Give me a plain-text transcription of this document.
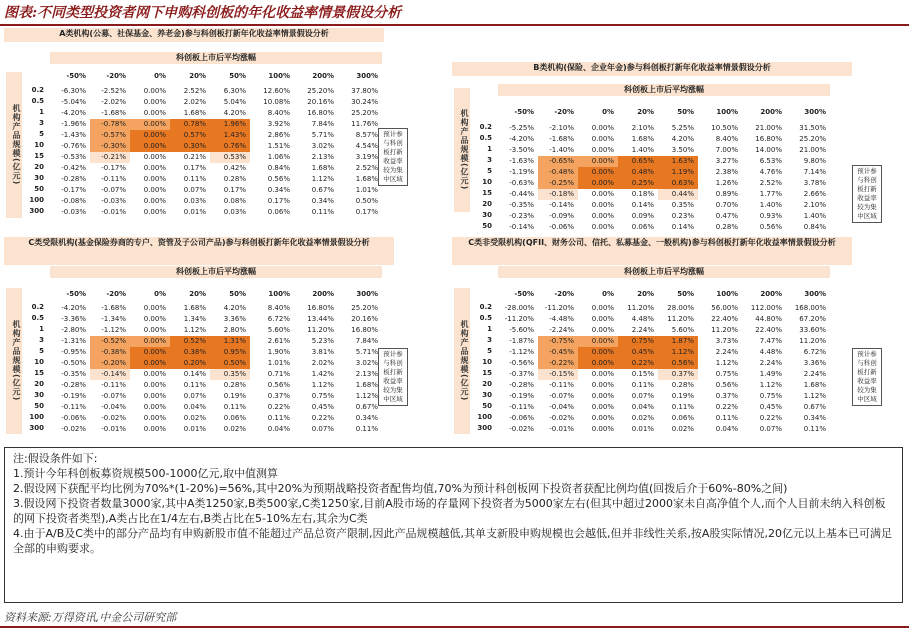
图表:不同类型投资者网下申购科创板的年化收益率情景假设分析
A类机构(公募、社保基金、养老金)参与科创板打新年化收益率情景假设分析
科创板上市后平均涨幅
机构产品规模(亿元)
-50%	-20%	0%	20%	50%	100%	200%	300%
0.2	-6.30%	-2.52%	0.00%	2.52%	6.30%	12.60%	25.20%	37.80%
0.5	-5.04%	-2.02%	0.00%	2.02%	5.04%	10.08%	20.16%	30.24%
1	-4.20%	-1.68%	0.00%	1.68%	4.20%	8.40%	16.80%	25.20%
3	-1.96%	-0.78%	0.00%	0.78%	1.96%	3.92%	7.84%	11.76%
5	-1.43%	-0.57%	0.00%	0.57%	1.43%	2.86%	5.71%	8.57%
10	-0.76%	-0.30%	0.00%	0.30%	0.76%	1.51%	3.02%	4.54%
15	-0.53%	-0.21%	0.00%	0.21%	0.53%	1.06%	2.13%	3.19%
20	-0.42%	-0.17%	0.00%	0.17%	0.42%	0.84%	1.68%	2.52%
30	-0.28%	-0.11%	0.00%	0.11%	0.28%	0.56%	1.12%	1.68%
50	-0.17%	-0.07%	0.00%	0.07%	0.17%	0.34%	0.67%	1.01%
100	-0.08%	-0.03%	0.00%	0.03%	0.08%	0.17%	0.34%	0.50%
300	-0.03%	-0.01%	0.00%	0.01%	0.03%	0.06%	0.11%	0.17%
预计参与科创板打新收益率较为集中区域
B类机构(保险、企业年金)参与科创板打新年化收益率情景假设分析
科创板上市后平均涨幅
机构产品规模(亿元)	-50%	-20%	0%	20%	50%	100%	200%	300%
0.2	-5.25%	-2.10%	0.00%	2.10%	5.25%	10.50%	21.00%	31.50%
0.5	-4.20%	-1.68%	0.00%	1.68%	4.20%	8.40%	16.80%	25.20%
1	-3.50%	-1.40%	0.00%	1.40%	3.50%	7.00%	14.00%	21.00%
3	-1.63%	-0.65%	0.00%	0.65%	1.63%	3.27%	6.53%	9.80%
5	-1.19%	-0.48%	0.00%	0.48%	1.19%	2.38%	4.76%	7.14%
10	-0.63%	-0.25%	0.00%	0.25%	0.63%	1.26%	2.52%	3.78%
15	-0.44%	-0.18%	0.00%	0.18%	0.44%	0.89%	1.77%	2.66%
20	-0.35%	-0.14%	0.00%	0.14%	0.35%	0.70%	1.40%	2.10%
30	-0.23%	-0.09%	0.00%	0.09%	0.23%	0.47%	0.93%	1.40%
50	-0.14%	-0.06%	0.00%	0.06%	0.14%	0.28%	0.56%	0.84%
预计参与科创板打新收益率较为集中区域
C类受限机构(基金保险券商的专户、资管及子公司产品)参与科创板打新年化收益率情景假设分析
科创板上市后平均涨幅
机构产品规模(亿元)
-50%	-20%	0%	20%	50%	100%	200%	300%
0.2	-4.20%	-1.68%	0.00%	1.68%	4.20%	8.40%	16.80%	25.20%
0.5	-3.36%	-1.34%	0.00%	1.34%	3.36%	6.72%	13.44%	20.16%
1	-2.80%	-1.12%	0.00%	1.12%	2.80%	5.60%	11.20%	16.80%
3	-1.31%	-0.52%	0.00%	0.52%	1.31%	2.61%	5.23%	7.84%
5	-0.95%	-0.38%	0.00%	0.38%	0.95%	1.90%	3.81%	5.71%
10	-0.50%	-0.20%	0.00%	0.20%	0.50%	1.01%	2.02%	3.02%
15	-0.35%	-0.14%	0.00%	0.14%	0.35%	0.71%	1.42%	2.13%
20	-0.28%	-0.11%	0.00%	0.11%	0.28%	0.56%	1.12%	1.68%
30	-0.19%	-0.07%	0.00%	0.07%	0.19%	0.37%	0.75%	1.12%
50	-0.11%	-0.04%	0.00%	0.04%	0.11%	0.22%	0.45%	0.67%
100	-0.06%	-0.02%	0.00%	0.02%	0.06%	0.11%	0.22%	0.34%
300	-0.02%	-0.01%	0.00%	0.01%	0.02%	0.04%	0.07%	0.11%
预计参与科创板打新收益率较为集中区域
C类非受限机构(QFII、财务公司、信托、私募基金、一般机构)参与科创板打新年化收益率情景假设分析
科创板上市后平均涨幅
机构产品规模(亿元)
-50%	-20%	0%	20%	50%	100%	200%	300%
0.2	-28.00%	-11.20%	0.00%	11.20%	28.00%	56.00%	112.00%	168.00%
0.5	-11.20%	-4.48%	0.00%	4.48%	11.20%	22.40%	44.80%	67.20%
1	-5.60%	-2.24%	0.00%	2.24%	5.60%	11.20%	22.40%	33.60%
3	-1.87%	-0.75%	0.00%	0.75%	1.87%	3.73%	7.47%	11.20%
5	-1.12%	-0.45%	0.00%	0.45%	1.12%	2.24%	4.48%	6.72%
10	-0.56%	-0.22%	0.00%	0.22%	0.56%	1.12%	2.24%	3.36%
15	-0.37%	-0.15%	0.00%	0.15%	0.37%	0.75%	1.49%	2.24%
20	-0.28%	-0.11%	0.00%	0.11%	0.28%	0.56%	1.12%	1.68%
30	-0.19%	-0.07%	0.00%	0.07%	0.19%	0.37%	0.75%	1.12%
50	-0.11%	-0.04%	0.00%	0.04%	0.11%	0.22%	0.45%	0.67%
100	-0.06%	-0.02%	0.00%	0.02%	0.06%	0.11%	0.22%	0.34%
300	-0.02%	-0.01%	0.00%	0.01%	0.02%	0.04%	0.07%	0.11%
预计参与科创板打新收益率较为集中区域
注:假设条件如下:
1.预计今年科创板募资规模500-1000亿元,取中值测算
2.假设网下获配平均比例为70%*(1-20%)=56%,其中20%为预期战略投资者配售均值,70%为预计科创板网下投资者获配比例均值(回拨后介于60%-80%之间)
3.假设网下投资者数量3000家,其中A类1250家,B类500家,C类1250家,目前A股市场的存量网下投资者为5000家左右(但其中超过2000家未自高净值个人,而个人目前未纳入科创板的网下投资者类型),A类占比在1/4左右,B类占比在5-10%左右,其余为C类
4.由于A/B及C类中的部分产品均有申购新股市值不能超过产品总资产限制,因此产品规模越低,其单支新股申购规模也会越低,但并非线性关系,按A股实际情况,20亿元以上基本已可满足全部的申购要求。
资料来源:万得资讯,中金公司研究部
